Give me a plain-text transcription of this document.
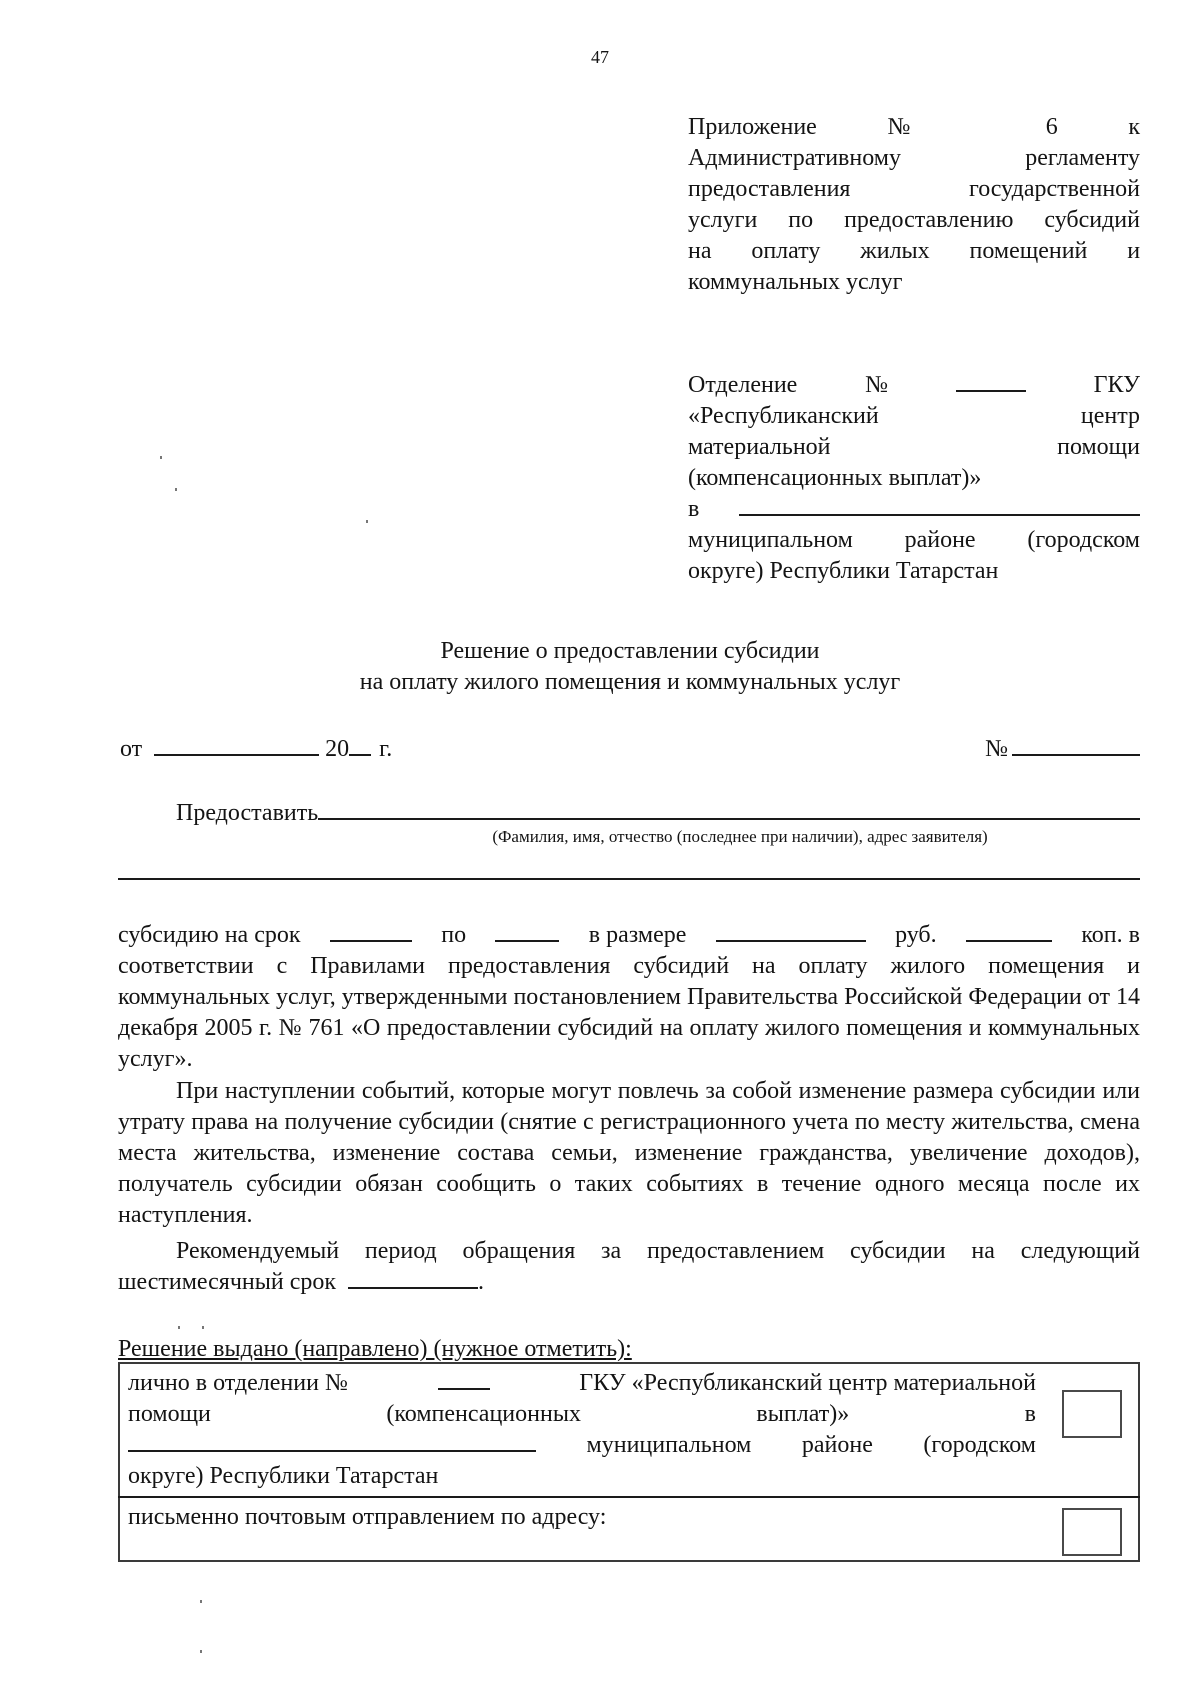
47
Приложение	№	6	к
Административному	регламенту
предоставления	государственной
услуги по предоставлению субсидий
на оплату жилых помещений и
коммунальных услуг
Отделение	№	ГКУ
«Республиканский	центр
материальной	помощи
(компенсационных выплат)»
в
муниципальном районе (городском
округе) Республики Татарстан
Решение о предоставлении субсидии
на оплату жилого помещения и коммунальных услуг
от	20 г.	№
Предоставить
(Фамилия, имя, отчество (последнее при наличии), адрес заявителя)
субсидию на срок	по	в размере	руб.	коп. в
соответствии с Правилами предоставления субсидий на оплату жилого помещения и коммунальных услуг, утвержденными постановлением Правительства Российской Федерации от 14 декабря 2005 г. № 761 «О предоставлении субсидий на оплату жилого помещения и коммунальных услуг».
При наступлении событий, которые могут повлечь за собой изменение размера субсидии или утрату права на получение субсидии (снятие с регистрационного учета по месту жительства, смена места жительства, изменение состава семьи, изменение гражданства, увеличение доходов), получатель субсидии обязан сообщить о таких событиях в течение одного месяца после их наступления.
Рекомендуемый период обращения за предоставлением субсидии на следующий шестимесячный срок	.
Решение выдано (направлено) (нужное отметить):
лично в отделении №	ГКУ «Республиканский центр материальной
помощи	(компенсационных	выплат)»	в
муниципальном районе (городском
округе) Республики Татарстан
письменно почтовым отправлением по адресу:
